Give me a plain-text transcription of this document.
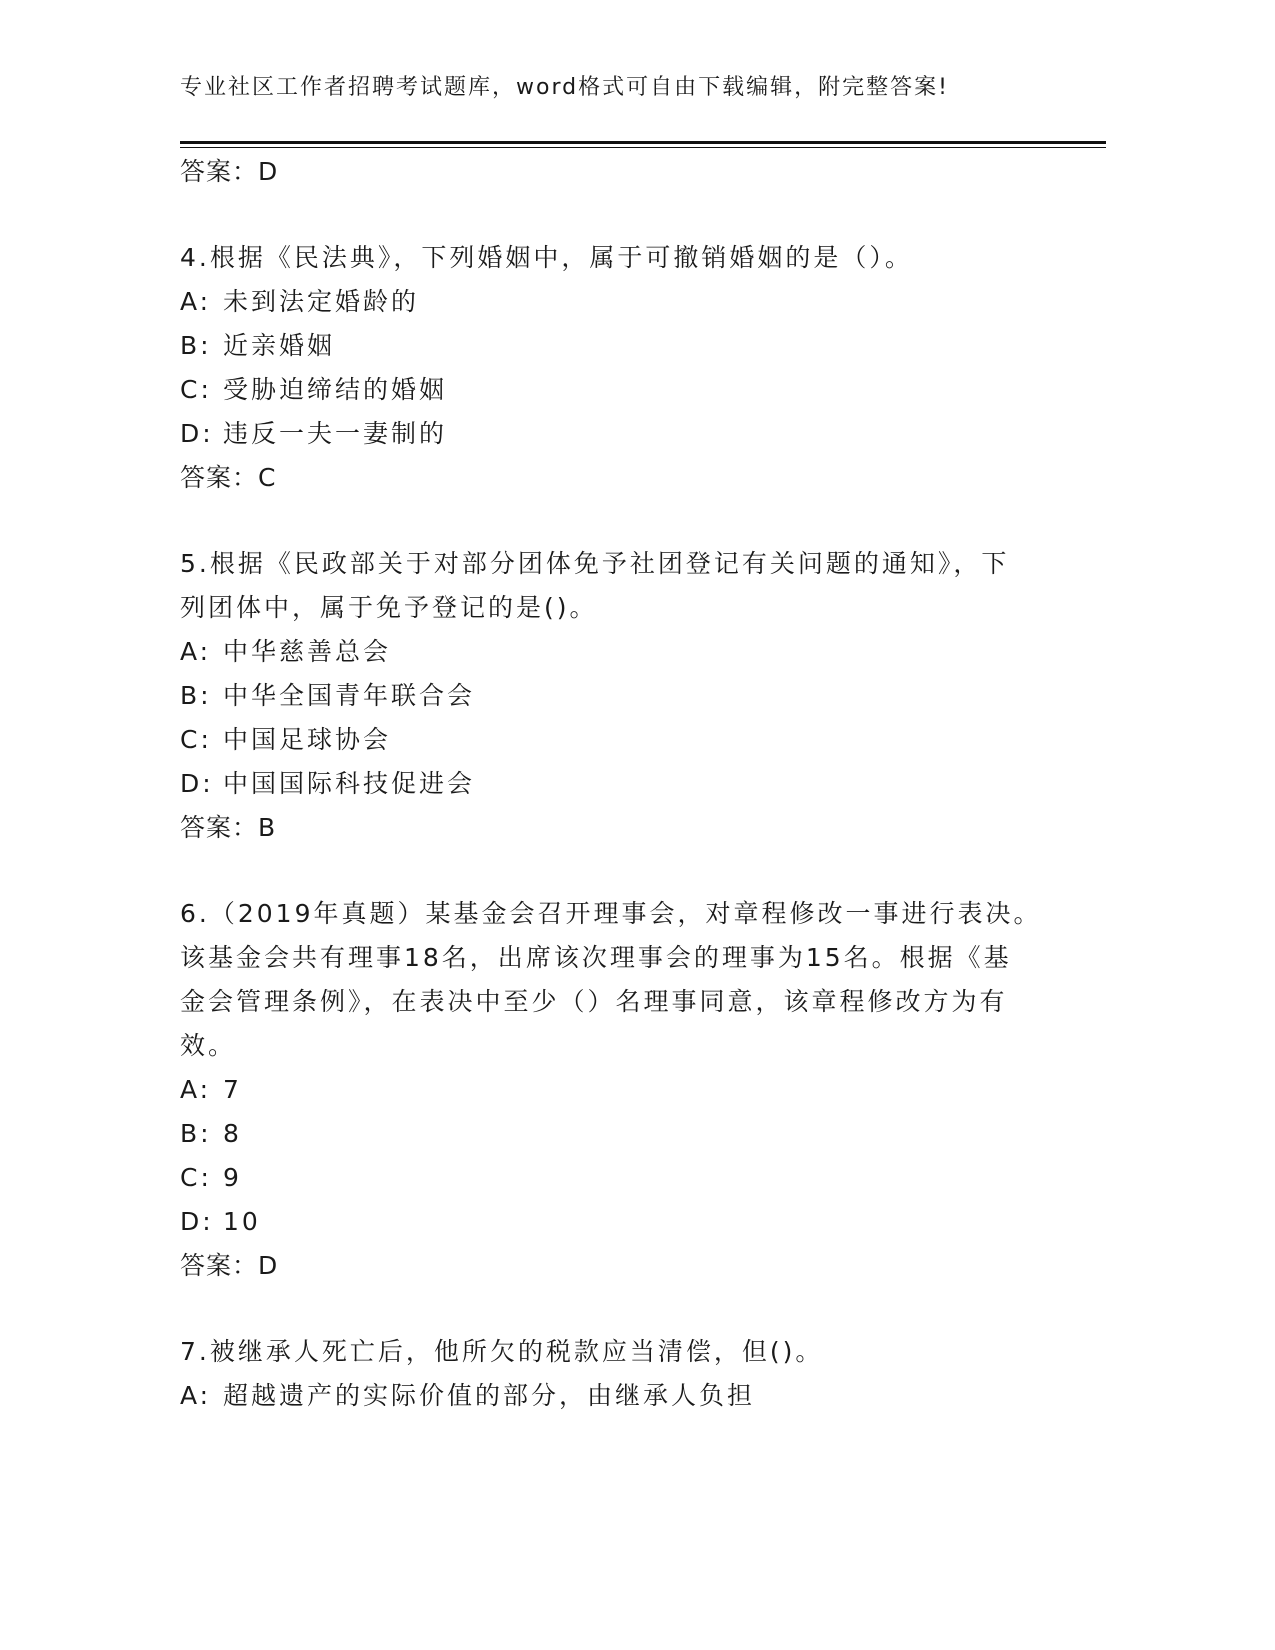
专业社区工作者招聘考试题库，word格式可自由下载编辑，附完整答案!
答案：D
4.根据《民法典》，下列婚姻中，属于可撤销婚姻的是（）。
A: 未到法定婚龄的
B: 近亲婚姻
C: 受胁迫缔结的婚姻
D: 违反一夫一妻制的
答案：C
5.根据《民政部关于对部分团体免予社团登记有关问题的通知》，下
列团体中，属于免予登记的是()。
A: 中华慈善总会
B: 中华全国青年联合会
C: 中国足球协会
D: 中国国际科技促进会
答案：B
6.（2019年真题）某基金会召开理事会，对章程修改一事进行表决。
该基金会共有理事18名，出席该次理事会的理事为15名。根据《基
金会管理条例》，在表决中至少（）名理事同意，该章程修改方为有
效。
A: 7
B: 8
C: 9
D: 10
答案：D
7.被继承人死亡后，他所欠的税款应当清偿，但()。
A: 超越遗产的实际价值的部分，由继承人负担
